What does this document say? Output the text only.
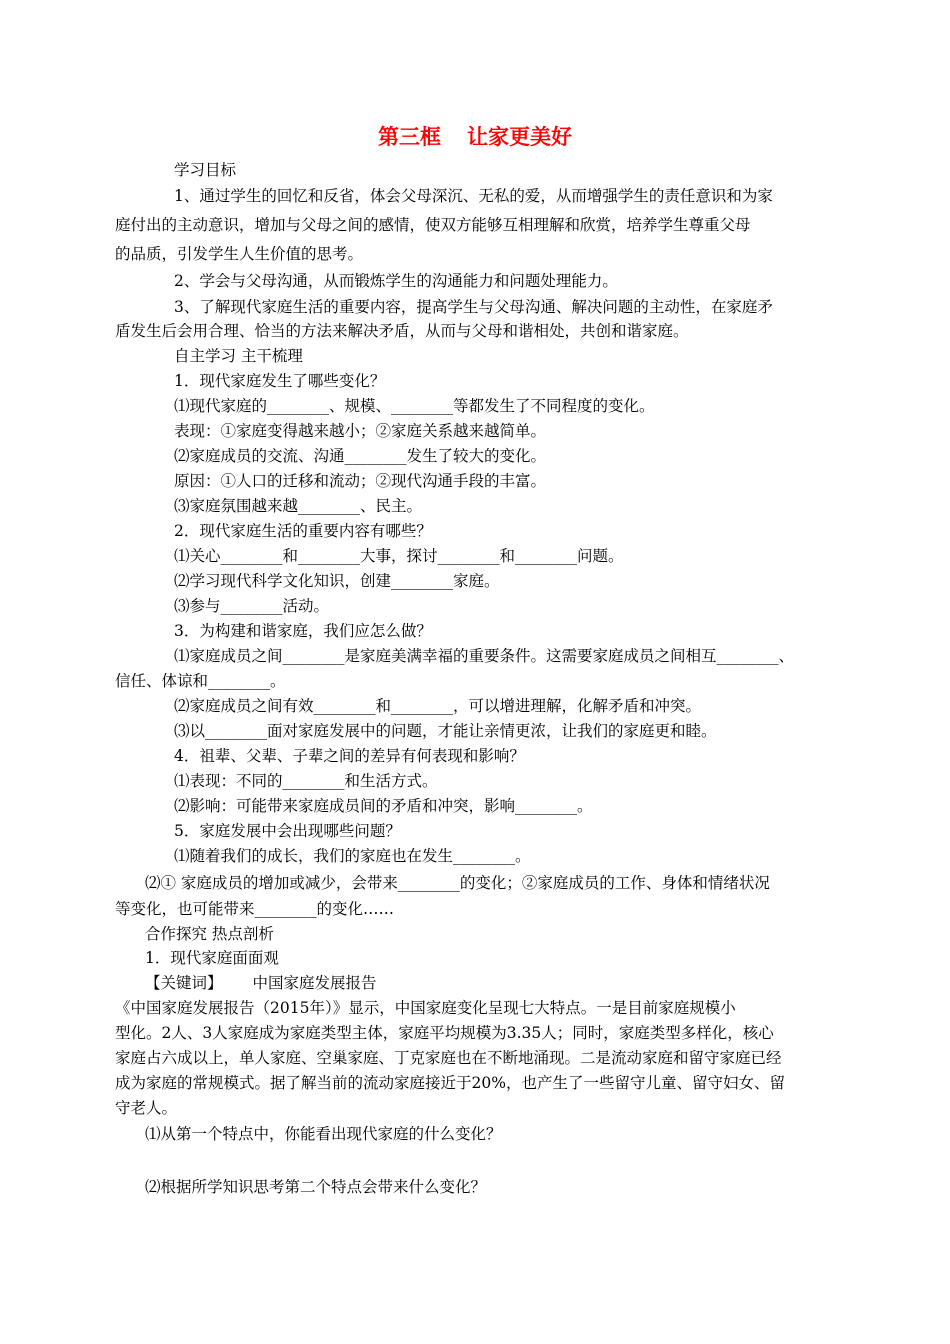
第三框 让家更美好
学习目标
1、通过学生的回忆和反省，体会父母深沉、无私的爱，从而增强学生的责任意识和为家
庭付出的主动意识，增加与父母之间的感情，使双方能够互相理解和欣赏，培养学生尊重父母
的品质，引发学生人生价值的思考。
2、学会与父母沟通，从而锻炼学生的沟通能力和问题处理能力。
3、了解现代家庭生活的重要内容，提高学生与父母沟通、解决问题的主动性，在家庭矛
盾发生后会用合理、恰当的方法来解决矛盾，从而与父母和谐相处，共创和谐家庭。
自主学习 主干梳理
1．现代家庭发生了哪些变化？
⑴现代家庭的________、规模、________等都发生了不同程度的变化。
表现：①家庭变得越来越小；②家庭关系越来越简单。
⑵家庭成员的交流、沟通________发生了较大的变化。
原因：①人口的迁移和流动；②现代沟通手段的丰富。
⑶家庭氛围越来越________、民主。
2．现代家庭生活的重要内容有哪些？
⑴关心________和________大事，探讨________和________问题。
⑵学习现代科学文化知识，创建________家庭。
⑶参与________活动。
3．为构建和谐家庭，我们应怎么做？
⑴家庭成员之间________是家庭美满幸福的重要条件。这需要家庭成员之间相互________、
信任、体谅和________。
⑵家庭成员之间有效________和________，可以增进理解，化解矛盾和冲突。
⑶以________面对家庭发展中的问题，才能让亲情更浓，让我们的家庭更和睦。
4．祖辈、父辈、子辈之间的差异有何表现和影响？
⑴表现：不同的________和生活方式。
⑵影响：可能带来家庭成员间的矛盾和冲突，影响________。
5．家庭发展中会出现哪些问题？
⑴随着我们的成长，我们的家庭也在发生________。
⑵① 家庭成员的增加或减少，会带来________的变化；②家庭成员的工作、身体和情绪状况
等变化，也可能带来________的变化……
合作探究 热点剖析
1．现代家庭面面观
【关键词】 中国家庭发展报告
《中国家庭发展报告（2015年）》显示，中国家庭变化呈现七大特点。一是目前家庭规模小
型化。2人、3人家庭成为家庭类型主体，家庭平均规模为3.35人；同时，家庭类型多样化，核心
家庭占六成以上，单人家庭、空巢家庭、丁克家庭也在不断地涌现。二是流动家庭和留守家庭已经
成为家庭的常规模式。据了解当前的流动家庭接近于20%，也产生了一些留守儿童、留守妇女、留
守老人。
⑴从第一个特点中，你能看出现代家庭的什么变化？
⑵根据所学知识思考第二个特点会带来什么变化？
